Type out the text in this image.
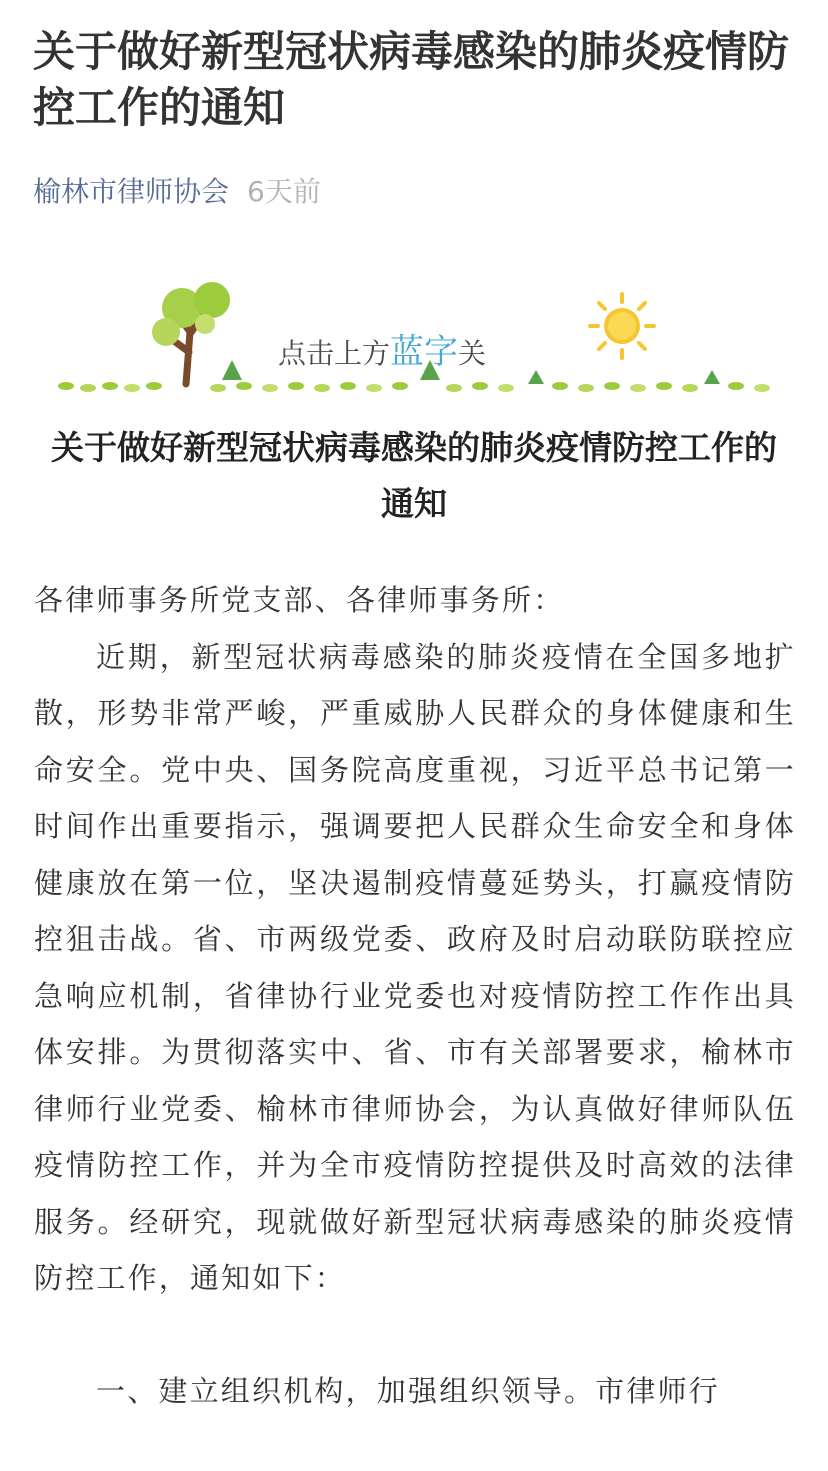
关于做好新型冠状病毒感染的肺炎疫情防控工作的通知
榆林市律师协会 6天前
点击上方蓝字关
关于做好新型冠状病毒感染的肺炎疫情防控工作的通知

各律师事务所党支部、各律师事务所：

近期，新型冠状病毒感染的肺炎疫情在全国多地扩散，形势非常严峻，严重威胁人民群众的身体健康和生命安全。党中央、国务院高度重视，习近平总书记第一时间作出重要指示，强调要把人民群众生命安全和身体健康放在第一位，坚决遏制疫情蔓延势头，打赢疫情防控狙击战。省、市两级党委、政府及时启动联防联控应急响应机制，省律协行业党委也对疫情防控工作作出具体安排。为贯彻落实中、省、市有关部署要求，榆林市律师行业党委、榆林市律师协会，为认真做好律师队伍疫情防控工作，并为全市疫情防控提供及时高效的法律服务。经研究，现就做好新型冠状病毒感染的肺炎疫情防控工作，通知如下：

一、建立组织机构，加强组织领导。市律师行
